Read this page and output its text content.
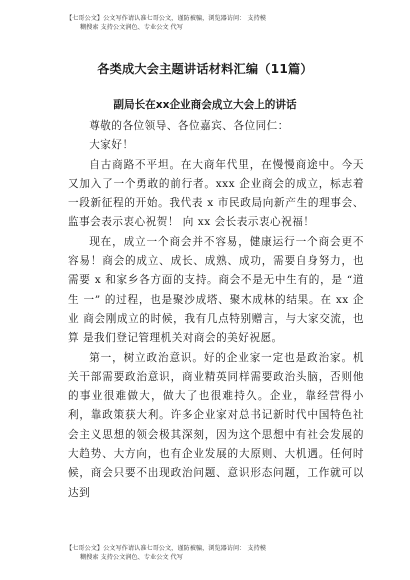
【七哥公文】公文写作请认准七哥公文，谨防被骗，浏览器访问： 支持模
糊搜索 支持公文润色、专业公文 代写
各类成大会主题讲话材料汇编（11篇）
副局长在xx企业商会成立大会上的讲话

尊敬的各位领导、各位嘉宾、各位同仁：

大家好！

自古商路不平坦。在大商年代里，在慢慢商途中。今天又加入了一个勇敢的前行者。xxx 企业商会的成立，标志着 一段新征程的开始。我代表 x 市民政局向新产生的理事会、 监事会表示衷心祝贺！ 向 xx 会长表示衷心祝福！

现在，成立一个商会并不容易，健康运行一个商会更不容易！商会的成立、成长、成熟、成功，需要自身努力，也需要 x 和家乡各方面的支持。商会不是无中生有的，是 “道 生 一” 的过程，也是聚沙成塔、聚木成林的结果。在 xx 企业 商会刚成立的时候，我有几点特别赠言，与大家交流，也算 是我们登记管理机关对商会的美好祝愿。

第一，树立政治意识。好的企业家一定也是政治家。机关干部需要政治意识，商业精英同样需要政治头脑，否则他的事业很难做大，做大了也很难持久。企业，靠经营得小利，靠政策获大利。许多企业家对总书记新时代中国特色社会主义思想的领会极其深刻，因为这个思想中有社会发展的大趋势、大方向，也有企业发展的大原则、大机遇。任何时候，商会只要不出现政治问题、意识形态问题，工作就可以达到

【七哥公文】公文写作请认准七哥公文，谨防被骗，浏览器访问： 支持模
糊搜索 支持公文润色、专业公文 代写
